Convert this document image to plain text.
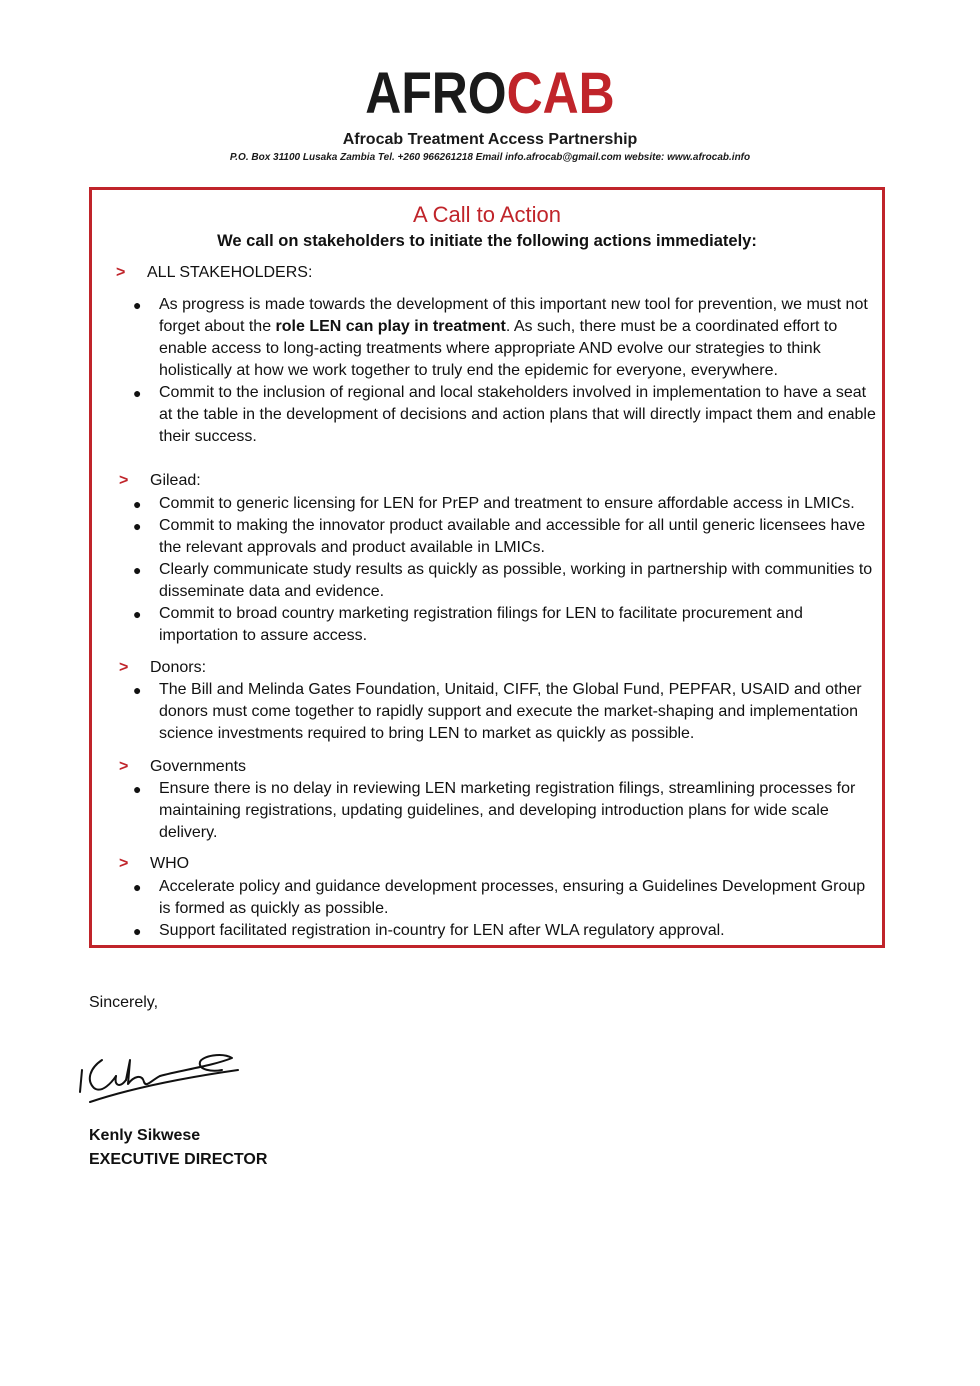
AFROCAB
Afrocab Treatment Access Partnership
P.O. Box 31100 Lusaka Zambia Tel. +260 966261218 Email info.afrocab@gmail.com website: www.afrocab.info
A Call to Action
We call on stakeholders to initiate the following actions immediately:
> ALL STAKEHOLDERS:
● As progress is made towards the development of this important new tool for prevention, we must not forget about the role LEN can play in treatment. As such, there must be a coordinated effort to enable access to long-acting treatments where appropriate AND evolve our strategies to think holistically at how we work together to truly end the epidemic for everyone, everywhere.
● Commit to the inclusion of regional and local stakeholders involved in implementation to have a seat at the table in the development of decisions and action plans that will directly impact them and enable their success.
> Gilead:
● Commit to generic licensing for LEN for PrEP and treatment to ensure affordable access in LMICs.
● Commit to making the innovator product available and accessible for all until generic licensees have the relevant approvals and product available in LMICs.
● Clearly communicate study results as quickly as possible, working in partnership with communities to disseminate data and evidence.
● Commit to broad country marketing registration filings for LEN to facilitate procurement and importation to assure access.
> Donors:
● The Bill and Melinda Gates Foundation, Unitaid, CIFF, the Global Fund, PEPFAR, USAID and other donors must come together to rapidly support and execute the market-shaping and implementation science investments required to bring LEN to market as quickly as possible.
> Governments
● Ensure there is no delay in reviewing LEN marketing registration filings, streamlining processes for maintaining registrations, updating guidelines, and developing introduction plans for wide scale delivery.
> WHO
● Accelerate policy and guidance development processes, ensuring a Guidelines Development Group is formed as quickly as possible.
● Support facilitated registration in-country for LEN after WLA regulatory approval.
Sincerely,
Kenly Sikwese
EXECUTIVE DIRECTOR
